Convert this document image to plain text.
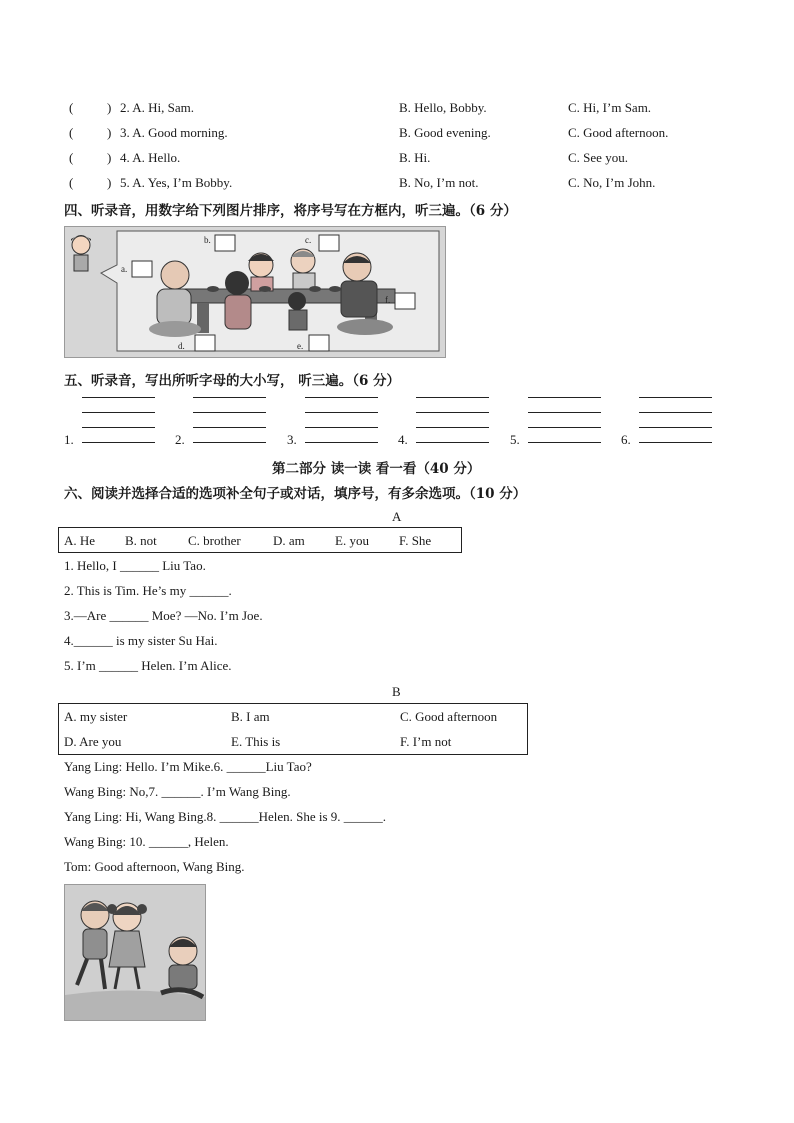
(	) 2. A. Hi, Sam.	B. Hello, Bobby.	C. Hi, I’m Sam.
(	) 3. A. Good morning.	B. Good evening.	C. Good afternoon.
(	) 4. A. Hello.	B. Hi.	C. See you.
(	) 5. A. Yes, I’m Bobby.	B. No, I’m not.	C. No, I’m John.
四、听录音，用数字给下列图片排序，将序号写在方框内，听三遍。（6 分）
a.
b.	c.
d.	e.
f.
五、听录音，写出所听字母的大小写， 听三遍。（6 分）
1.	2.	3.	4.	5.	6.
第二部分 读一读 看一看（40 分）
六、阅读并选择合适的选项补全句子或对话，填序号，有多余选项。（10 分）
A
A. He B. not C. brother D. am E. you F. She
1. Hello, I ______ Liu Tao.
2. This is Tim. He’s my ______.
3.—Are ______ Moe? —No. I’m Joe.
4.______ is my sister Su Hai.
5. I’m ______ Helen. I’m Alice.
B
A. my sister	B. I am	C. Good afternoon
D. Are you	E. This is	F. I’m not
Yang Ling: Hello. I’m Mike.6. ______Liu Tao?
Wang Bing: No,7. ______. I’m Wang Bing.
Yang Ling: Hi, Wang Bing.8. ______Helen. She is 9. ______.
Wang Bing: 10. ______, Helen.
Tom: Good afternoon, Wang Bing.
